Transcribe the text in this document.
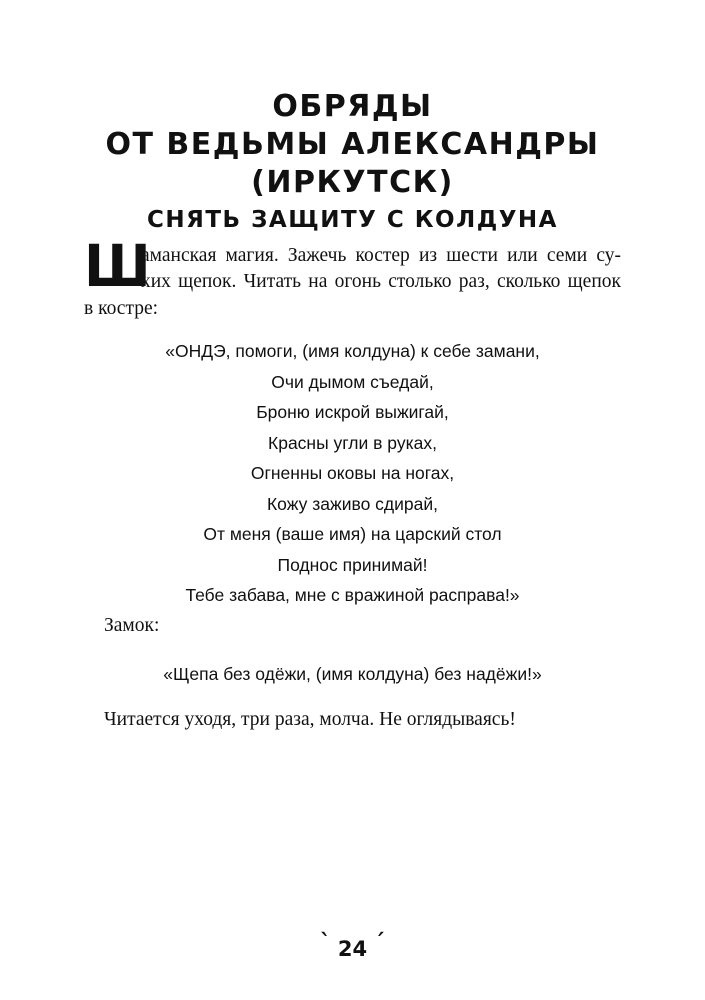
ОБРЯДЫ
ОТ ВЕДЬМЫ АЛЕКСАНДРЫ
(ИРКУТСК)
СНЯТЬ ЗАЩИТУ С КОЛДУНА
Ш
аманская магия. Зажечь костер из шести или семи су-
хих щепок. Читать на огонь столько раз, сколько щепок
в костре:
«ОНДЭ, помоги, (имя колдуна) к себе замани,
Очи дымом съедай,
Броню искрой выжигай,
Красны угли в руках,
Огненны оковы на ногах,
Кожу заживо сдирай,
От меня (ваше имя) на царский стол
Поднос принимай!
Тебе забава, мне с вражиной расправа!»
Замок:
«Щепа без одёжи, (имя колдуна) без надёжи!»
Читается уходя, три раза, молча. Не оглядываясь!
` 24 ´
